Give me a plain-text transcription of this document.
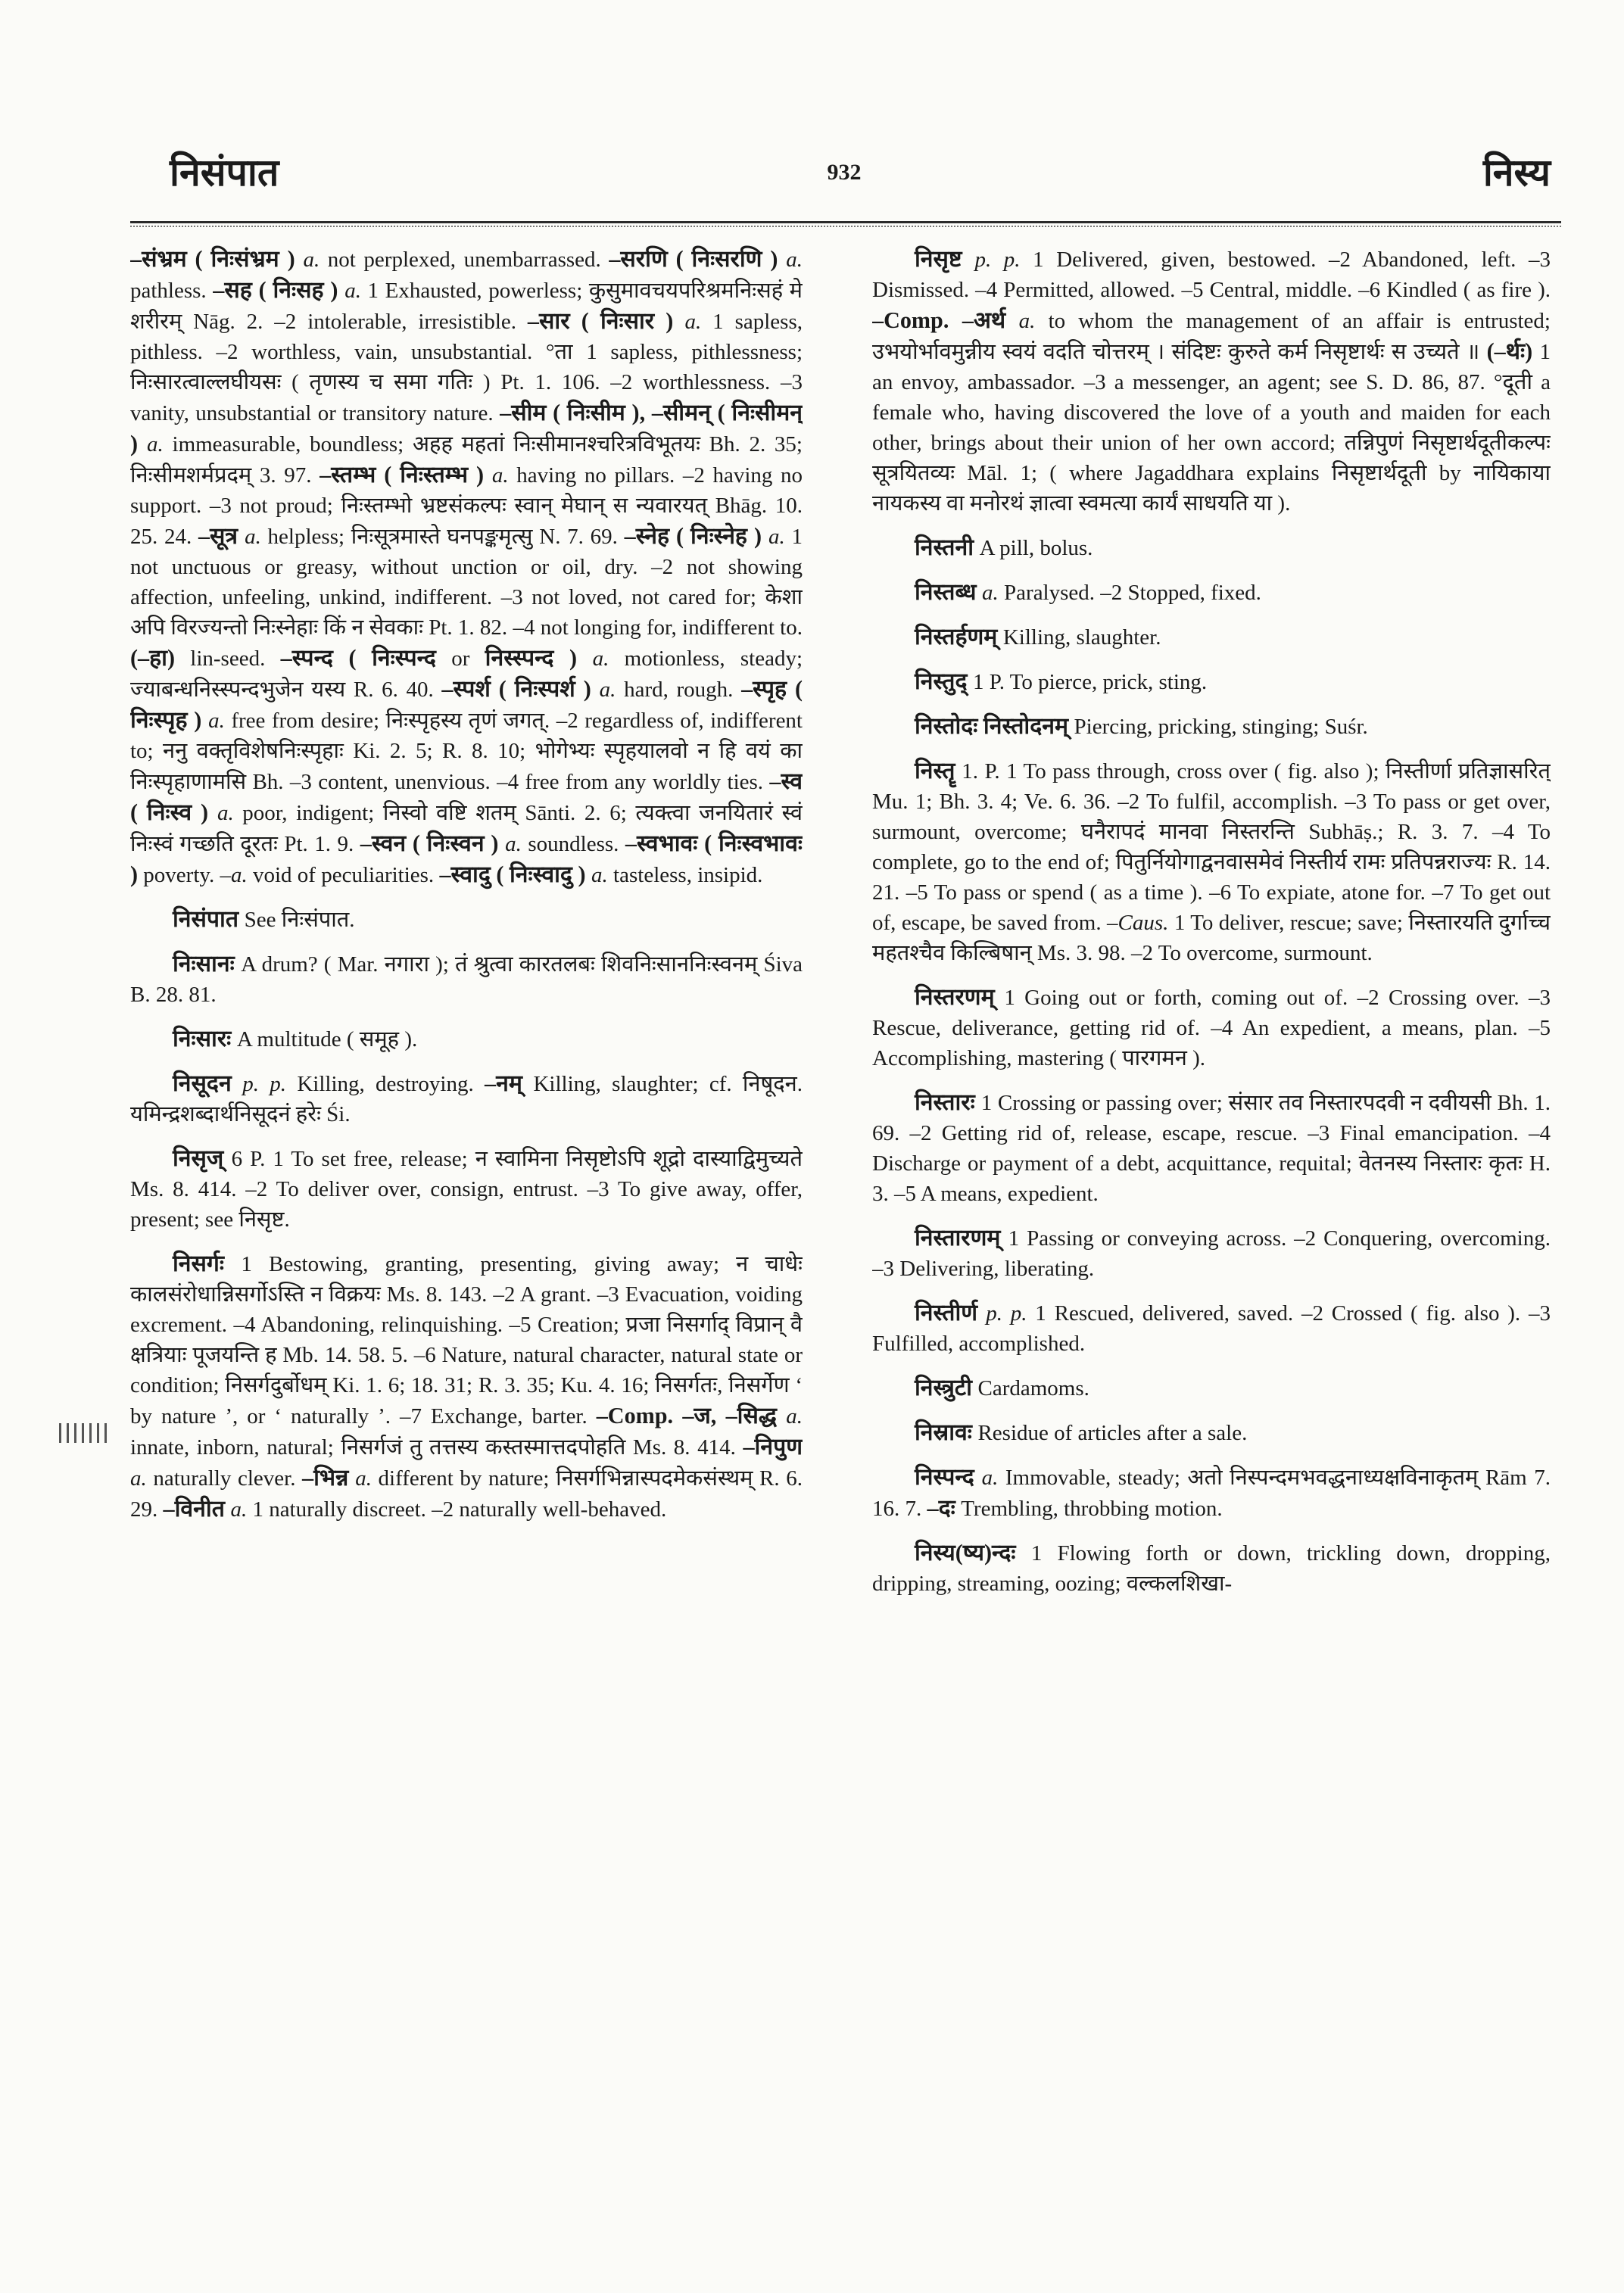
निसंपात	932	निस्य

–संभ्रम ( निःसंभ्रम ) a. not perplexed, unembarrassed. –सरणि ( निःसरणि ) a. pathless. –सह ( निःसह ) a. 1 Exhausted, powerless; कुसुमावचयपरिश्रमनिःसहं मे शरीरम् Nāg. 2. –2 intolerable, irresistible. –सार ( निःसार ) a. 1 sapless, pithless. –2 worthless, vain, unsubstantial. °ता 1 sapless, pithlessness; निःसारत्वाल्लघीयसः ( तृणस्य च समा गतिः ) Pt. 1. 106. –2 worthlessness. –3 vanity, unsubstantial or transitory nature. –सीम ( निःसीम ), –सीमन् ( निःसीमन् ) a. immeasurable, boundless; अहह महतां निःसीमानश्चरित्रविभूतयः Bh. 2. 35; निःसीमशर्मप्रदम् 3. 97. –स्तम्भ ( निःस्तम्भ ) a. having no pillars. –2 having no support. –3 not proud; निःस्तम्भो भ्रष्टसंकल्पः स्वान् मेघान् स न्यवारयत् Bhāg. 10. 25. 24. –सूत्र a. helpless; निःसूत्रमास्ते घनपङ्कमृत्सु N. 7. 69. –स्नेह ( निःस्नेह ) a. 1 not unctuous or greasy, without unction or oil, dry. –2 not showing affection, unfeeling, unkind, indifferent. –3 not loved, not cared for; केशा अपि विरज्यन्तो निःस्नेहाः किं न सेवकाः Pt. 1. 82. –4 not longing for, indifferent to. (–हा) lin-seed. –स्पन्द ( निःस्पन्द or निस्स्पन्द ) a. motionless, steady; ज्याबन्धनिस्स्पन्दभुजेन यस्य R. 6. 40. –स्पर्श ( निःस्पर्श ) a. hard, rough. –स्पृह ( निःस्पृह ) a. free from desire; निःस्पृहस्य तृणं जगत्. –2 regardless of, indifferent to; ननु वक्तृविशेषनिःस्पृहाः Ki. 2. 5; R. 8. 10; भोगेभ्यः स्पृहयालवो न हि वयं का निःस्पृहाणामसि Bh. –3 content, unenvious. –4 free from any worldly ties. –स्व ( निःस्व ) a. poor, indigent; निस्वो वष्टि शतम् Sānti. 2. 6; त्यक्त्वा जनयितारं स्वं निःस्वं गच्छति दूरतः Pt. 1. 9. –स्वन ( निःस्वन ) a. soundless. –स्वभावः ( निःस्वभावः ) poverty. –a. void of peculiarities. –स्वादु ( निःस्वादु ) a. tasteless, insipid.

निसंपात See निःसंपात.

निःसानः A drum? ( Mar. नगारा ); तं श्रुत्वा कारतलबः शिवनिःसाननिःस्वनम् Śiva B. 28. 81.

निःसारः A multitude ( समूह ).

निसूदन p. p. Killing, destroying. –नम् Killing, slaughter; cf. निषूदन. यमिन्द्रशब्दार्थनिसूदनं हरेः Śi.

निसृज् 6 P. 1 To set free, release; न स्वामिना निसृष्टोऽपि शूद्रो दास्याद्विमुच्यते Ms. 8. 414. –2 To deliver over, consign, entrust. –3 To give away, offer, present; see निसृष्ट.

निसर्गः 1 Bestowing, granting, presenting, giving away; न चाधेः कालसंरोधान्निसर्गोऽस्ति न विक्रयः Ms. 8. 143. –2 A grant. –3 Evacuation, voiding excrement. –4 Abandoning, relinquishing. –5 Creation; प्रजा निसर्गाद् विप्रान् वै क्षत्रियाः पूजयन्ति ह Mb. 14. 58. 5. –6 Nature, natural character, natural state or condition; निसर्गदुर्बोधम् Ki. 1. 6; 18. 31; R. 3. 35; Ku. 4. 16; निसर्गतः, निसर्गेण ‘ by nature ’, or ‘ naturally ’. –7 Exchange, barter. –Comp. –ज, –सिद्ध a. innate, inborn, natural; निसर्गजं तु तत्तस्य कस्तस्मात्तदपोहति Ms. 8. 414. –निपुण a. naturally clever. –भिन्न a. different by nature; निसर्गभिन्नास्पदमेकसंस्थम् R. 6. 29. –विनीत a. 1 naturally discreet. –2 naturally well-behaved.

निसृष्ट p. p. 1 Delivered, given, bestowed. –2 Abandoned, left. –3 Dismissed. –4 Permitted, allowed. –5 Central, middle. –6 Kindled ( as fire ). –Comp. –अर्थ a. to whom the management of an affair is entrusted; उभयोर्भावमुन्नीय स्वयं वदति चोत्तरम् । संदिष्टः कुरुते कर्म निसृष्टार्थः स उच्यते ॥ (–र्थः) 1 an envoy, ambassador. –3 a messenger, an agent; see S. D. 86, 87. °दूती a female who, having discovered the love of a youth and maiden for each other, brings about their union of her own accord; तन्निपुणं निसृष्टार्थदूतीकल्पः सूत्रयितव्यः Māl. 1; ( where Jagaddhara explains निसृष्टार्थदूती by नायिकाया नायकस्य वा मनोरथं ज्ञात्वा स्वमत्या कार्यं साधयति या ).

निस्तनी A pill, bolus.

निस्तब्ध a. Paralysed. –2 Stopped, fixed.

निस्तर्हणम् Killing, slaughter.

निस्तुद् 1 P. To pierce, prick, sting.

निस्तोदः निस्तोदनम् Piercing, pricking, stinging; Suśr.

निस्तॄ 1. P. 1 To pass through, cross over ( fig. also ); निस्तीर्णा प्रतिज्ञासरित् Mu. 1; Bh. 3. 4; Ve. 6. 36. –2 To fulfil, accomplish. –3 To pass or get over, surmount, overcome; घनैरापदं मानवा निस्तरन्ति Subhāṣ.; R. 3. 7. –4 To complete, go to the end of; पितुर्नियोगाद्वनवासमेवं निस्तीर्य रामः प्रतिपन्नराज्यः R. 14. 21. –5 To pass or spend ( as a time ). –6 To expiate, atone for. –7 To get out of, escape, be saved from. –Caus. 1 To deliver, rescue; save; निस्तारयति दुर्गाच्च महतश्चैव किल्बिषान् Ms. 3. 98. –2 To overcome, surmount.

निस्तरणम् 1 Going out or forth, coming out of. –2 Crossing over. –3 Rescue, deliverance, getting rid of. –4 An expedient, a means, plan. –5 Accomplishing, mastering ( पारगमन ).

निस्तारः 1 Crossing or passing over; संसार तव निस्तारपदवी न दवीयसी Bh. 1. 69. –2 Getting rid of, release, escape, rescue. –3 Final emancipation. –4 Discharge or payment of a debt, acquittance, requital; वेतनस्य निस्तारः कृतः H. 3. –5 A means, expedient.

निस्तारणम् 1 Passing or conveying across. –2 Conquering, overcoming. –3 Delivering, liberating.

निस्तीर्ण p. p. 1 Rescued, delivered, saved. –2 Crossed ( fig. also ). –3 Fulfilled, accomplished.

निस्त्रुटी Cardamoms.

निस्रावः Residue of articles after a sale.

निस्पन्द a. Immovable, steady; अतो निस्पन्दमभवद्धनाध्यक्षविनाकृतम् Rām 7. 16. 7. –दः Trembling, throbbing motion.

निस्य(ष्य)न्दः 1 Flowing forth or down, trickling down, dropping, dripping, streaming, oozing; वल्कलशिखा-
